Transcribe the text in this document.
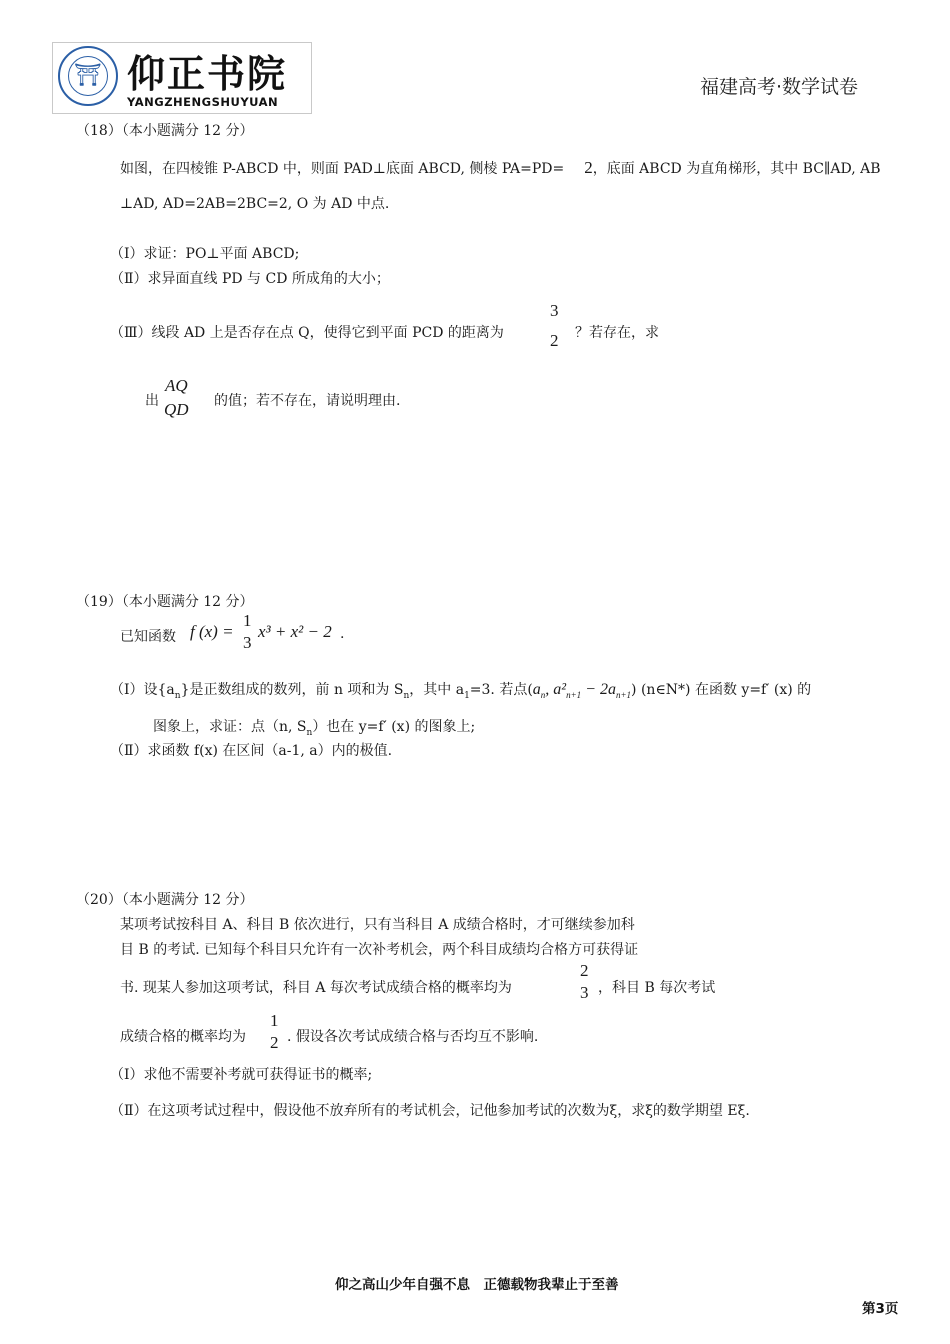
⛩ 仰正书院
YANGZHENGSHUYUAN
福建高考·数学试卷
（18）（本小题满分 12 分）
如图，在四棱锥 P-ABCD 中，则面 PAD⊥底面 ABCD, 侧棱 PA=PD= 2，底面 ABCD 为直角梯形，其中 BC∥AD, AB
⊥AD, AD=2AB=2BC=2, O 为 AD 中点.
（Ⅰ）求证：PO⊥平面 ABCD;
（Ⅱ）求异面直线 PD 与 CD 所成角的大小；
（Ⅲ）线段 AD 上是否存在点 Q，使得它到平面 PCD 的距离为
3
2 ？若存在，求
出
AQ
QD 的值；若不存在，请说明理由.
（19）（本小题满分 12 分）
已知函数 f (x) =
1
3
x³ + x² − 2 .
（Ⅰ）设$\{a_n\}$是正数组成的数列，前 n 项和为 $S_n$，其中 $a_1=3$. 若点($a_n$, $a^2_{n+1} - 2a_{n+1}$) (n∈N*) 在函数 y=f′ (x) 的
图象上，求证：点（n, $S_n$）也在 y=f′ (x) 的图象上;
（Ⅱ）求函数 f(x) 在区间（a-1, a）内的极值.
（20）（本小题满分 12 分）
某项考试按科目 A、科目 B 依次进行，只有当科目 A 成绩合格时，才可继续参加科
目 B 的考试. 已知每个科目只允许有一次补考机会，两个科目成绩均合格方可获得证
书. 现某人参加这项考试，科目 A 每次考试成绩合格的概率均为
2
3 ，科目 B 每次考试
成绩合格的概率均为
1
2 . 假设各次考试成绩合格与否均互不影响.
（Ⅰ）求他不需要补考就可获得证书的概率;
（Ⅱ）在这项考试过程中，假设他不放弃所有的考试机会，记他参加考试的次数为ξ，求ξ的数学期望 Eξ.
仰之高山少年自强不息　正德载物我辈止于至善
第3页
